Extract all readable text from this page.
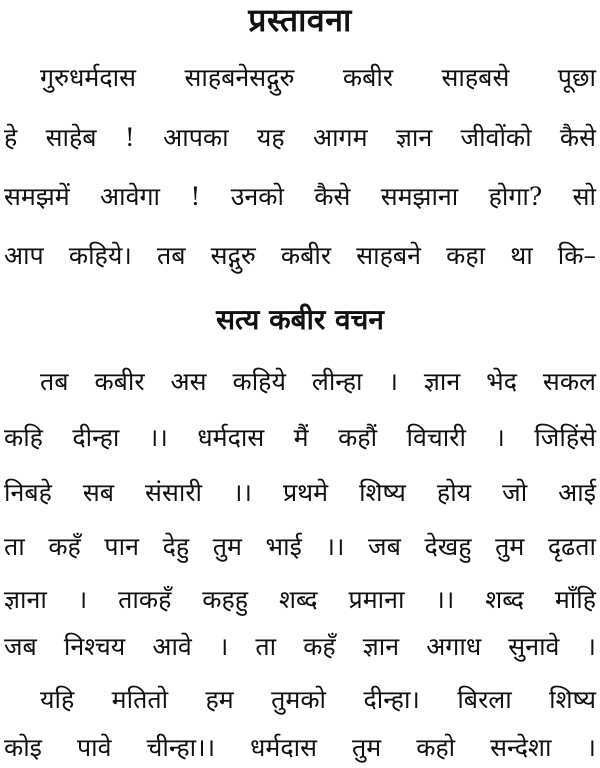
प्रस्तावना
गुरुधर्मदास साहबनेसद्गुरु कबीर साहबसे पूछा
हे साहेब ! आपका यह आगम ज्ञान जीवोंको कैसे
समझमें आवेगा ! उनको कैसे समझाना होगा? सो
आप कहिये। तब सद्गुरु कबीर साहबने कहा था कि–
सत्य कबीर वचन
तब कबीर अस कहिये लीन्हा । ज्ञान भेद सकल
कहि दीन्हा ।। धर्मदास मैं कहौं विचारी । जिहिंसे
निबहे सब संसारी ।। प्रथमे शिष्य होय जो आई
ता कहँ पान देहु तुम भाई ।। जब देखहु तुम दृढता
ज्ञाना । ताकहँ कहहु शब्द प्रमाना ।। शब्द माँहि
जब निश्चय आवे । ता कहँ ज्ञान अगाध सुनावे ।
यहि मतितो हम तुमको दीन्हा। बिरला शिष्य
कोइ पावे चीन्हा।। धर्मदास तुम कहो सन्देशा ।
